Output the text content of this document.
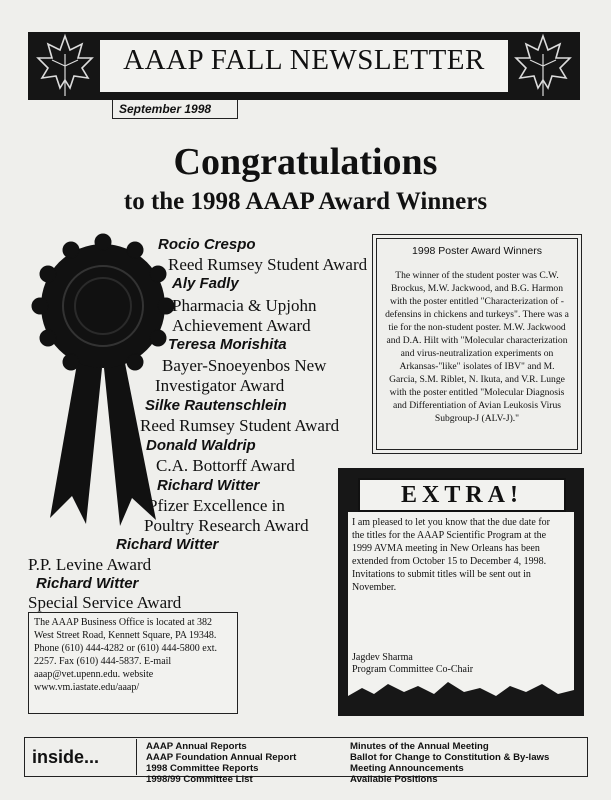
AAAP FALL NEWSLETTER
September 1998
Congratulations
to the 1998 AAAP Award Winners
Rocio Crespo
Reed Rumsey Student Award
Aly Fadly
Pharmacia & Upjohn
Achievement Award
Teresa Morishita
Bayer-Snoeyenbos New
Investigator Award
Silke Rautenschlein
Reed Rumsey Student Award
Donald Waldrip
C.A. Bottorff Award
Richard Witter
Pfizer Excellence in
Poultry Research Award
Richard Witter
P.P. Levine Award
Richard Witter
Special Service Award
1998 Poster Award Winners
The winner of the student poster was C.W. Brockus, M.W. Jackwood, and B.G. Harmon with the poster entitled "Characterization of -defensins in chickens and turkeys". There was a tie for the non-student poster. M.W. Jackwood and D.A. Hilt with "Molecular characterization and virus-neutralization experiments on Arkansas-"like" isolates of IBV" and M. Garcia, S.M. Riblet, N. Ikuta, and V.R. Lunge with the poster entitled "Molecular Diagnosis and Differentiation of Avian Leukosis Virus Subgroup-J (ALV-J)."
The AAAP Business Office is located at 382 West Street Road, Kennett Square, PA 19348. Phone (610) 444-4282 or (610) 444-5800 ext. 2257. Fax (610) 444-5837. E-mail aaap@vet.upenn.edu. website www.vm.iastate.edu/aaap/
EXTRA!
I am pleased to let you know that the due date for the titles for the AAAP Scientific Program at the 1999 AVMA meeting in New Orleans has been extended from October 15 to December 4, 1998. Invitations to submit titles will be sent out in November.
Jagdev Sharma
Program Committee Co-Chair
inside...
AAAP Annual Reports
AAAP Foundation Annual Report
1998 Committee Reports
1998/99 Committee List
Minutes of the Annual Meeting
Ballot for Change to Constitution & By-laws
Meeting Announcements
Available Positions
